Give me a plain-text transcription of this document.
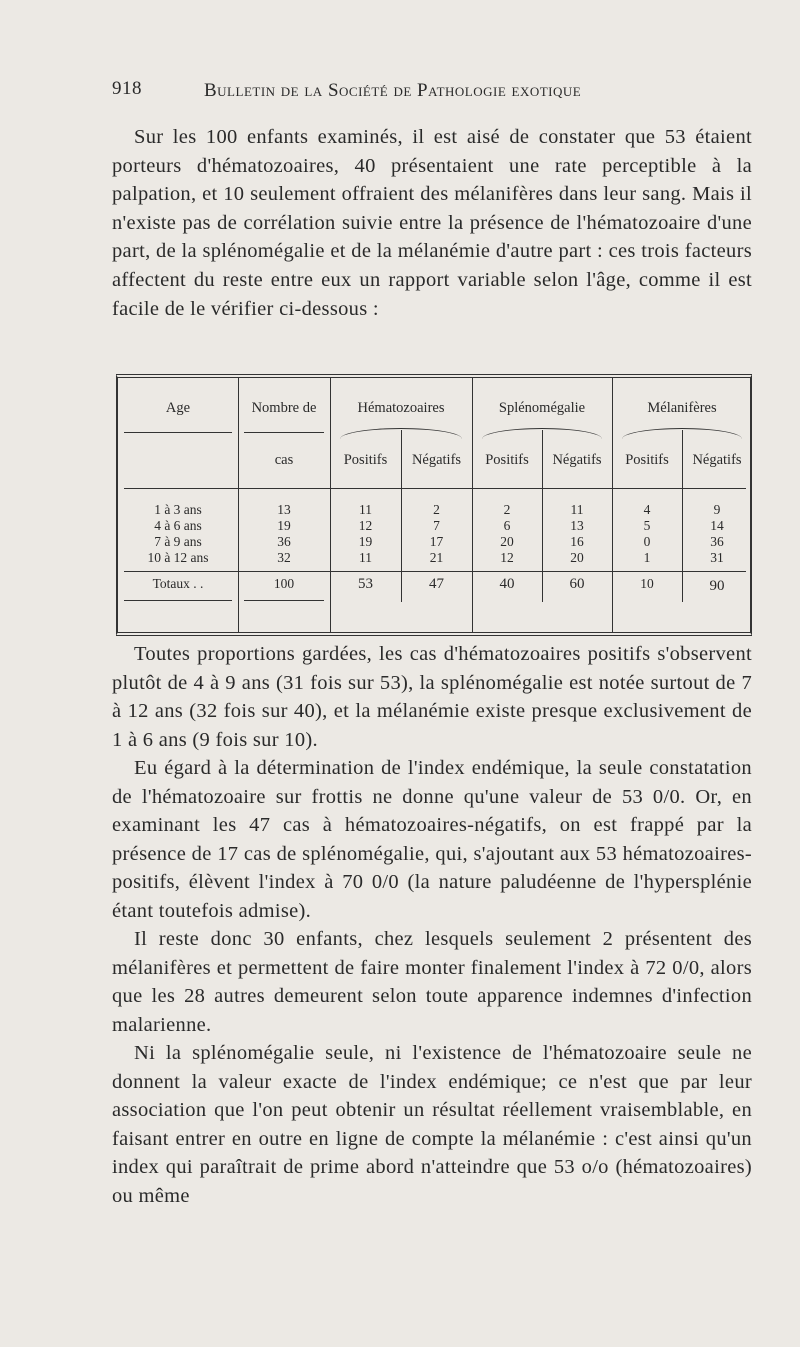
918	Bulletin de la Société de Pathologie exotique

Sur les 100 enfants examinés, il est aisé de constater que 53 étaient porteurs d'hématozoaires, 40 présentaient une rate perceptible à la palpation, et 10 seulement offraient des mélanifères dans leur sang. Mais il n'existe pas de corrélation suivie entre la présence de l'hématozoaire d'une part, de la splénomégalie et de la mélanémie d'autre part : ces trois facteurs affectent du reste entre eux un rapport variable selon l'âge, comme il est facile de le vérifier ci-dessous :

Age	Nombre de
cas
Hématozoaires	Splénomégalie	Mélanifères
Positifs	Négatifs	Positifs	Négatifs	Positifs	Négatifs
1 à 3 ans	13	11	2	2	11	4	9
4 à 6 ans	19	12	7	6	13	5	14
7 à 9 ans	36	19	17	20	16	0	36
10 à 12 ans	32	11	21	12	20	1	31
Totaux . .	100	53	47	40	60	10	90

Toutes proportions gardées, les cas d'hématozoaires positifs s'observent plutôt de 4 à 9 ans (31 fois sur 53), la splénomégalie est notée surtout de 7 à 12 ans (32 fois sur 40), et la mélanémie existe presque exclusivement de 1 à 6 ans (9 fois sur 10).

Eu égard à la détermination de l'index endémique, la seule constatation de l'hématozoaire sur frottis ne donne qu'une valeur de 53 0/0. Or, en examinant les 47 cas à hématozoaires-négatifs, on est frappé par la présence de 17 cas de splénomégalie, qui, s'ajoutant aux 53 hématozoaires-positifs, élèvent l'index à 70 0/0 (la nature paludéenne de l'hypersplénie étant toutefois admise).

Il reste donc 30 enfants, chez lesquels seulement 2 présentent des mélanifères et permettent de faire monter finalement l'index à 72 0/0, alors que les 28 autres demeurent selon toute apparence indemnes d'infection malarienne.

Ni la splénomégalie seule, ni l'existence de l'hématozoaire seule ne donnent la valeur exacte de l'index endémique; ce n'est que par leur association que l'on peut obtenir un résultat réellement vraisemblable, en faisant entrer en outre en ligne de compte la mélanémie : c'est ainsi qu'un index qui paraîtrait de prime abord n'atteindre que 53 o/o (hématozoaires) ou même
